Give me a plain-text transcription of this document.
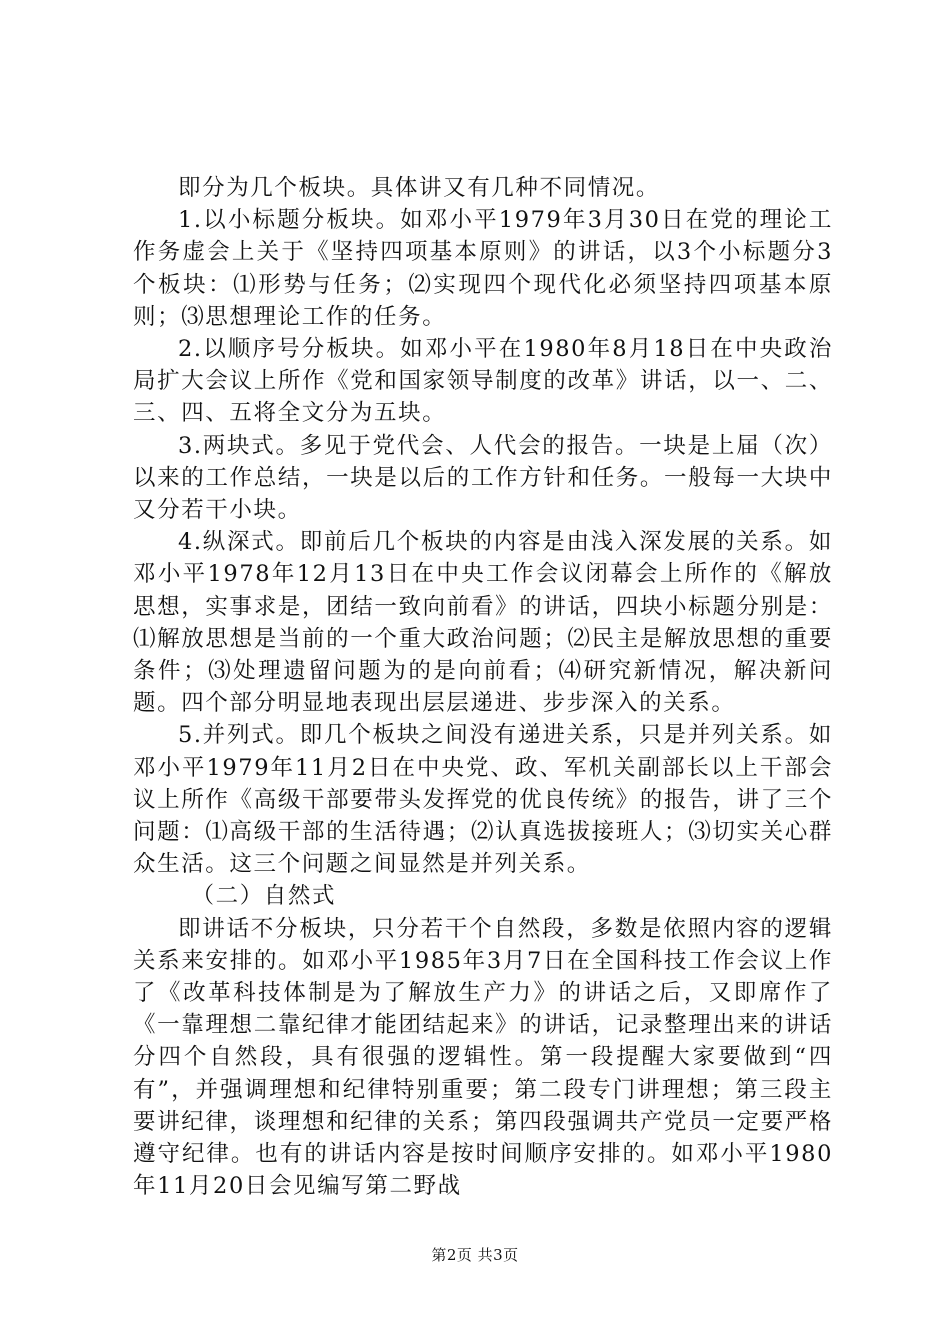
即分为几个板块。具体讲又有几种不同情况。

1.以小标题分板块。如邓小平1979年3月30日在党的理论工作务虚会上关于《坚持四项基本原则》的讲话，以3个小标题分3个板块：⑴形势与任务；⑵实现四个现代化必须坚持四项基本原则；⑶思想理论工作的任务。

2.以顺序号分板块。如邓小平在1980年8月18日在中央政治局扩大会议上所作《党和国家领导制度的改革》讲话，以一、二、三、四、五将全文分为五块。

3.两块式。多见于党代会、人代会的报告。一块是上届（次）以来的工作总结，一块是以后的工作方针和任务。一般每一大块中又分若干小块。

4.纵深式。即前后几个板块的内容是由浅入深发展的关系。如邓小平1978年12月13日在中央工作会议闭幕会上所作的《解放思想，实事求是，团结一致向前看》的讲话，四块小标题分别是：⑴解放思想是当前的一个重大政治问题；⑵民主是解放思想的重要条件；⑶处理遗留问题为的是向前看；⑷研究新情况，解决新问题。四个部分明显地表现出层层递进、步步深入的关系。

5.并列式。即几个板块之间没有递进关系，只是并列关系。如邓小平1979年11月2日在中央党、政、军机关副部长以上干部会议上所作《高级干部要带头发挥党的优良传统》的报告，讲了三个问题：⑴高级干部的生活待遇；⑵认真选拔接班人；⑶切实关心群众生活。这三个问题之间显然是并列关系。

（二）自然式

即讲话不分板块，只分若干个自然段，多数是依照内容的逻辑关系来安排的。如邓小平1985年3月7日在全国科技工作会议上作了《改革科技体制是为了解放生产力》的讲话之后，又即席作了《一靠理想二靠纪律才能团结起来》的讲话，记录整理出来的讲话分四个自然段，具有很强的逻辑性。第一段提醒大家要做到“四有”，并强调理想和纪律特别重要；第二段专门讲理想；第三段主要讲纪律，谈理想和纪律的关系；第四段强调共产党员一定要严格遵守纪律。也有的讲话内容是按时间顺序安排的。如邓小平1980年11月20日会见编写第二野战

第2页 共3页
